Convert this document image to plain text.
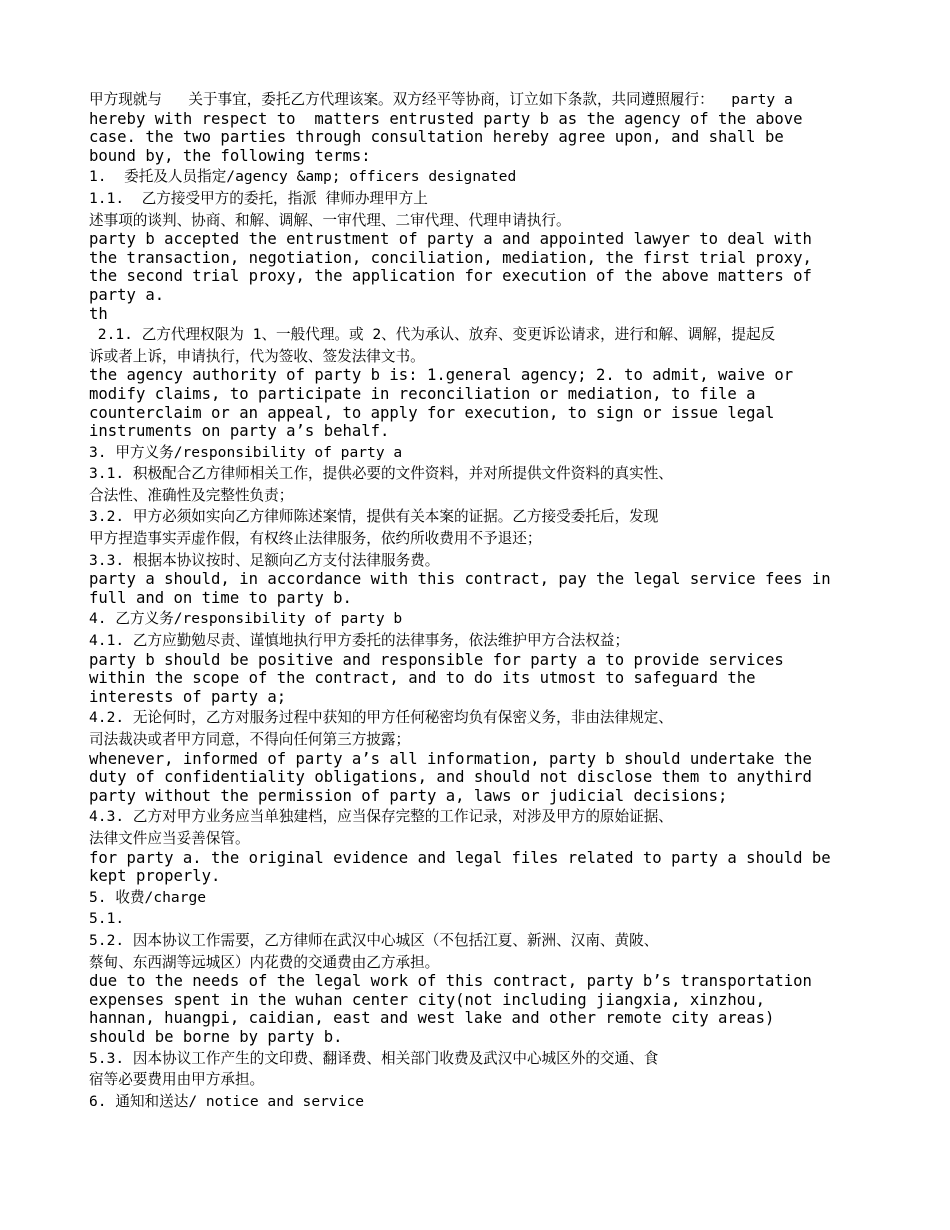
甲方现就与   关于事宜，委托乙方代理该案。双方经平等协商，订立如下条款，共同遵照履行：  party a
hereby with respect to  matters entrusted party b as the agency of the above
case. the two parties through consultation hereby agree upon, and shall be
bound by, the following terms:
1.  委托及人员指定/agency &amp; officers designated
1.1.  乙方接受甲方的委托，指派 律师办理甲方上
述事项的谈判、协商、和解、调解、一审代理、二审代理、代理申请执行。
party b accepted the entrustment of party a and appointed lawyer to deal with
the transaction, negotiation, conciliation, mediation, the first trial proxy,
the second trial proxy, the application for execution of the above matters of
party a.
th
2.1. 乙方代理权限为 1、一般代理。或 2、代为承认、放弃、变更诉讼请求，进行和解、调解，提起反
诉或者上诉，申请执行，代为签收、签发法律文书。
the agency authority of party b is: 1.general agency; 2. to admit, waive or
modify claims, to participate in reconciliation or mediation, to file a
counterclaim or an appeal, to apply for execution, to sign or issue legal
instruments on party a’s behalf.
3. 甲方义务/responsibility of party a
3.1. 积极配合乙方律师相关工作，提供必要的文件资料，并对所提供文件资料的真实性、
合法性、准确性及完整性负责；
3.2. 甲方必须如实向乙方律师陈述案情，提供有关本案的证据。乙方接受委托后，发现
甲方捏造事实弄虚作假，有权终止法律服务，依约所收费用不予退还；
3.3. 根据本协议按时、足额向乙方支付法律服务费。
party a should, in accordance with this contract, pay the legal service fees in
full and on time to party b.
4. 乙方义务/responsibility of party b
4.1. 乙方应勤勉尽责、谨慎地执行甲方委托的法律事务，依法维护甲方合法权益；
party b should be positive and responsible for party a to provide services
within the scope of the contract, and to do its utmost to safeguard the
interests of party a;
4.2. 无论何时，乙方对服务过程中获知的甲方任何秘密均负有保密义务，非由法律规定、
司法裁决或者甲方同意，不得向任何第三方披露；
whenever, informed of party a’s all information, party b should undertake the
duty of confidentiality obligations, and should not disclose them to anythird
party without the permission of party a, laws or judicial decisions;
4.3. 乙方对甲方业务应当单独建档，应当保存完整的工作记录，对涉及甲方的原始证据、
法律文件应当妥善保管。
for party a. the original evidence and legal files related to party a should be
kept properly.
5. 收费/charge
5.1.
5.2. 因本协议工作需要，乙方律师在武汉中心城区（不包括江夏、新洲、汉南、黄陂、
蔡甸、东西湖等远城区）内花费的交通费由乙方承担。
due to the needs of the legal work of this contract, party b’s transportation
expenses spent in the wuhan center city(not including jiangxia, xinzhou,
hannan, huangpi, caidian, east and west lake and other remote city areas)
should be borne by party b.
5.3. 因本协议工作产生的文印费、翻译费、相关部门收费及武汉中心城区外的交通、食
宿等必要费用由甲方承担。
6. 通知和送达/ notice and service
